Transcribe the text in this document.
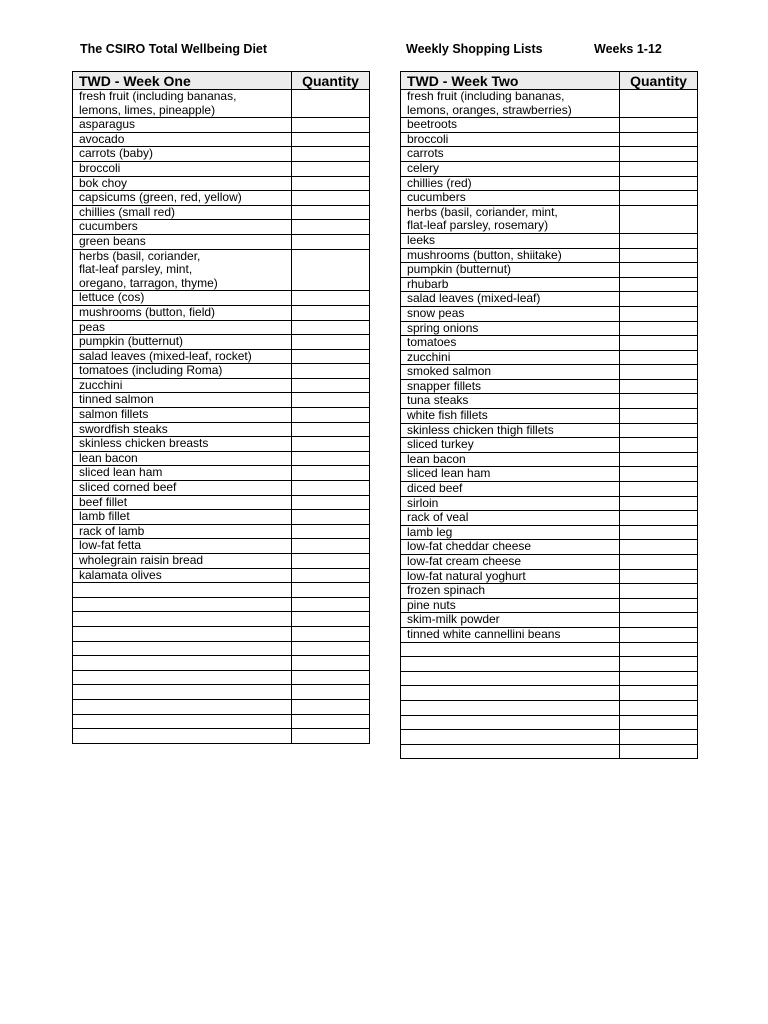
The CSIRO Total Wellbeing Diet	Weekly Shopping Lists	Weeks 1-12
TWD - Week One	Quantity
fresh fruit (including bananas,
lemons, limes, pineapple)	
asparagus	
avocado	
carrots (baby)	
broccoli	
bok choy	
capsicums (green, red, yellow)	
chillies (small red)	
cucumbers	
green beans	
herbs (basil, coriander,
flat-leaf parsley, mint,
oregano, tarragon, thyme)	
lettuce (cos)	
mushrooms (button, field)	
peas	
pumpkin (butternut)	
salad leaves (mixed-leaf, rocket)	
tomatoes (including Roma)	
zucchini	
tinned salmon	
salmon fillets	
swordfish steaks	
skinless chicken breasts	
lean bacon	
sliced lean ham	
sliced corned beef	
beef fillet	
lamb fillet	
rack of lamb	
low-fat fetta	
wholegrain raisin bread	
kalamata olives	

TWD - Week Two	Quantity
fresh fruit (including bananas,
lemons, oranges, strawberries)	
beetroots	
broccoli	
carrots	
celery	
chillies (red)	
cucumbers	
herbs (basil, coriander, mint,
flat-leaf parsley, rosemary)	
leeks	
mushrooms (button, shiitake)	
pumpkin (butternut)	
rhubarb	
salad leaves (mixed-leaf)	
snow peas	
spring onions	
tomatoes	
zucchini	
smoked salmon	
snapper fillets	
tuna steaks	
white fish fillets	
skinless chicken thigh fillets	
sliced turkey	
lean bacon	
sliced lean ham	
diced beef	
sirloin	
rack of veal	
lamb leg	
low-fat cheddar cheese	
low-fat cream cheese	
low-fat natural yoghurt	
frozen spinach	
pine nuts	
skim-milk powder	
tinned white cannellini beans	
